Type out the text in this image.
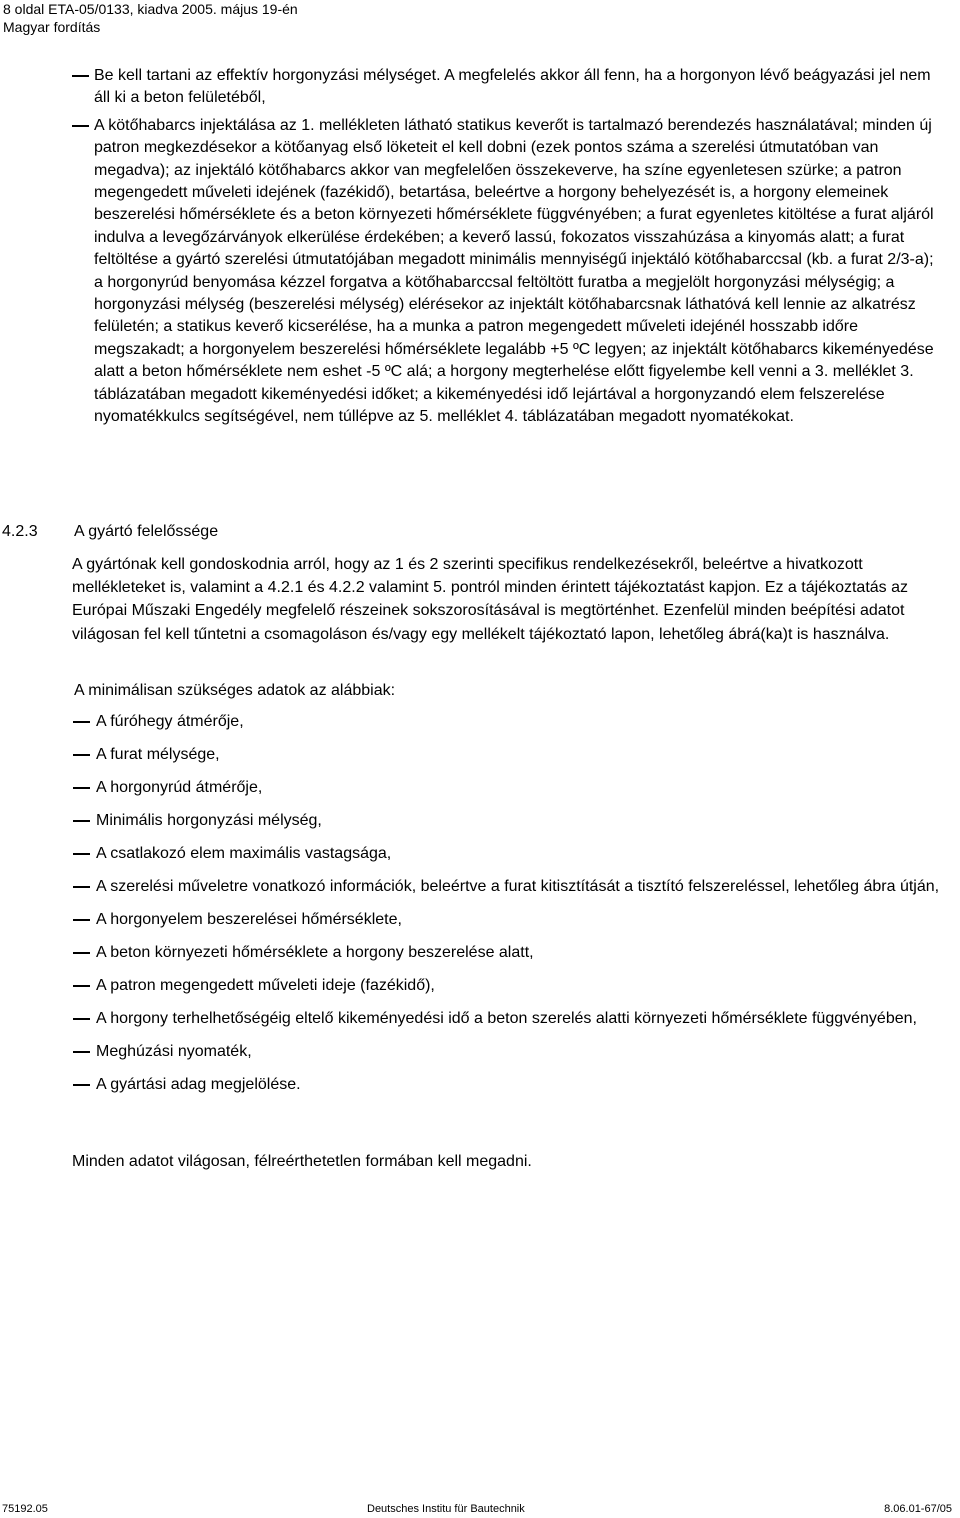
8 oldal ETA-05/0133, kiadva 2005. május 19-én
Magyar fordítás
Be kell tartani az effektív horgonyzási mélységet. A megfelelés akkor áll fenn, ha a horgonyon lévő beágyazási jel nem áll ki a beton felületéből,
A kötőhabarcs injektálása az 1. mellékleten látható statikus keverőt is tartalmazó berendezés használatával; minden új patron megkezdésekor a kötőanyag első löketeit el kell dobni (ezek pontos száma a szerelési útmutatóban van megadva); az injektáló kötőhabarcs akkor van megfelelően összekeverve, ha színe egyenletesen szürke; a patron megengedett műveleti idejének (fazékidő), betartása, beleértve a horgony behelyezését is, a horgony elemeinek beszerelési hőmérséklete és a beton környezeti hőmérséklete függvényében; a furat egyenletes kitöltése a furat aljáról indulva a levegőzárványok elkerülése érdekében; a keverő lassú, fokozatos visszahúzása a kinyomás alatt; a furat feltöltése a gyártó szerelési útmutatójában megadott minimális mennyiségű injektáló kötőhabarccsal (kb. a furat 2/3-a); a horgonyrúd benyomása kézzel forgatva a kötőhabarccsal feltöltött furatba a megjelölt horgonyzási mélységig; a horgonyzási mélység (beszerelési mélység) elérésekor az injektált kötőhabarcsnak láthatóvá kell lennie az alkatrész felületén; a statikus keverő kicserélése, ha a munka a patron megengedett műveleti idejénél hosszabb időre megszakadt; a horgonyelem beszerelési hőmérséklete legalább +5 ºC legyen; az injektált kötőhabarcs kikeményedése alatt a beton hőmérséklete nem eshet -5 ºC alá; a horgony megterhelése előtt figyelembe kell venni a 3. melléklet 3. táblázatában megadott kikeményedési időket; a kikeményedési idő lejártával a horgonyzandó elem felszerelése nyomatékkulcs segítségével, nem túllépve az 5. melléklet 4. táblázatában megadott nyomatékokat.
4.2.3 A gyártó felelőssége
A gyártónak kell gondoskodnia arról, hogy az 1 és 2 szerinti specifikus rendelkezésekről, beleértve a hivatkozott mellékleteket is, valamint a 4.2.1 és 4.2.2 valamint 5. pontról minden érintett tájékoztatást kapjon. Ez a tájékoztatás az Európai Műszaki Engedély megfelelő részeinek sokszorosításával is megtörténhet. Ezenfelül minden beépítési adatot világosan fel kell tűntetni a csomagoláson és/vagy egy mellékelt tájékoztató lapon, lehetőleg ábrá(ka)t is használva.
A minimálisan szükséges adatok az alábbiak:
A fúróhegy átmérője,
A furat mélysége,
A horgonyrúd átmérője,
Minimális horgonyzási mélység,
A csatlakozó elem maximális vastagsága,
A szerelési műveletre vonatkozó információk, beleértve a furat kitisztítását a tisztító felszereléssel, lehetőleg ábra útján,
A horgonyelem beszerelései hőmérséklete,
A beton környezeti hőmérséklete a horgony beszerelése alatt,
A patron megengedett műveleti ideje (fazékidő),
A horgony terhelhetőségéig eltelő kikeményedési idő a beton szerelés alatti környezeti hőmérséklete függvényében,
Meghúzási nyomaték,
A gyártási adag megjelölése.
Minden adatot világosan, félreérthetetlen formában kell megadni.
75192.05	Deutsches Institu für Bautechnik	8.06.01-67/05
